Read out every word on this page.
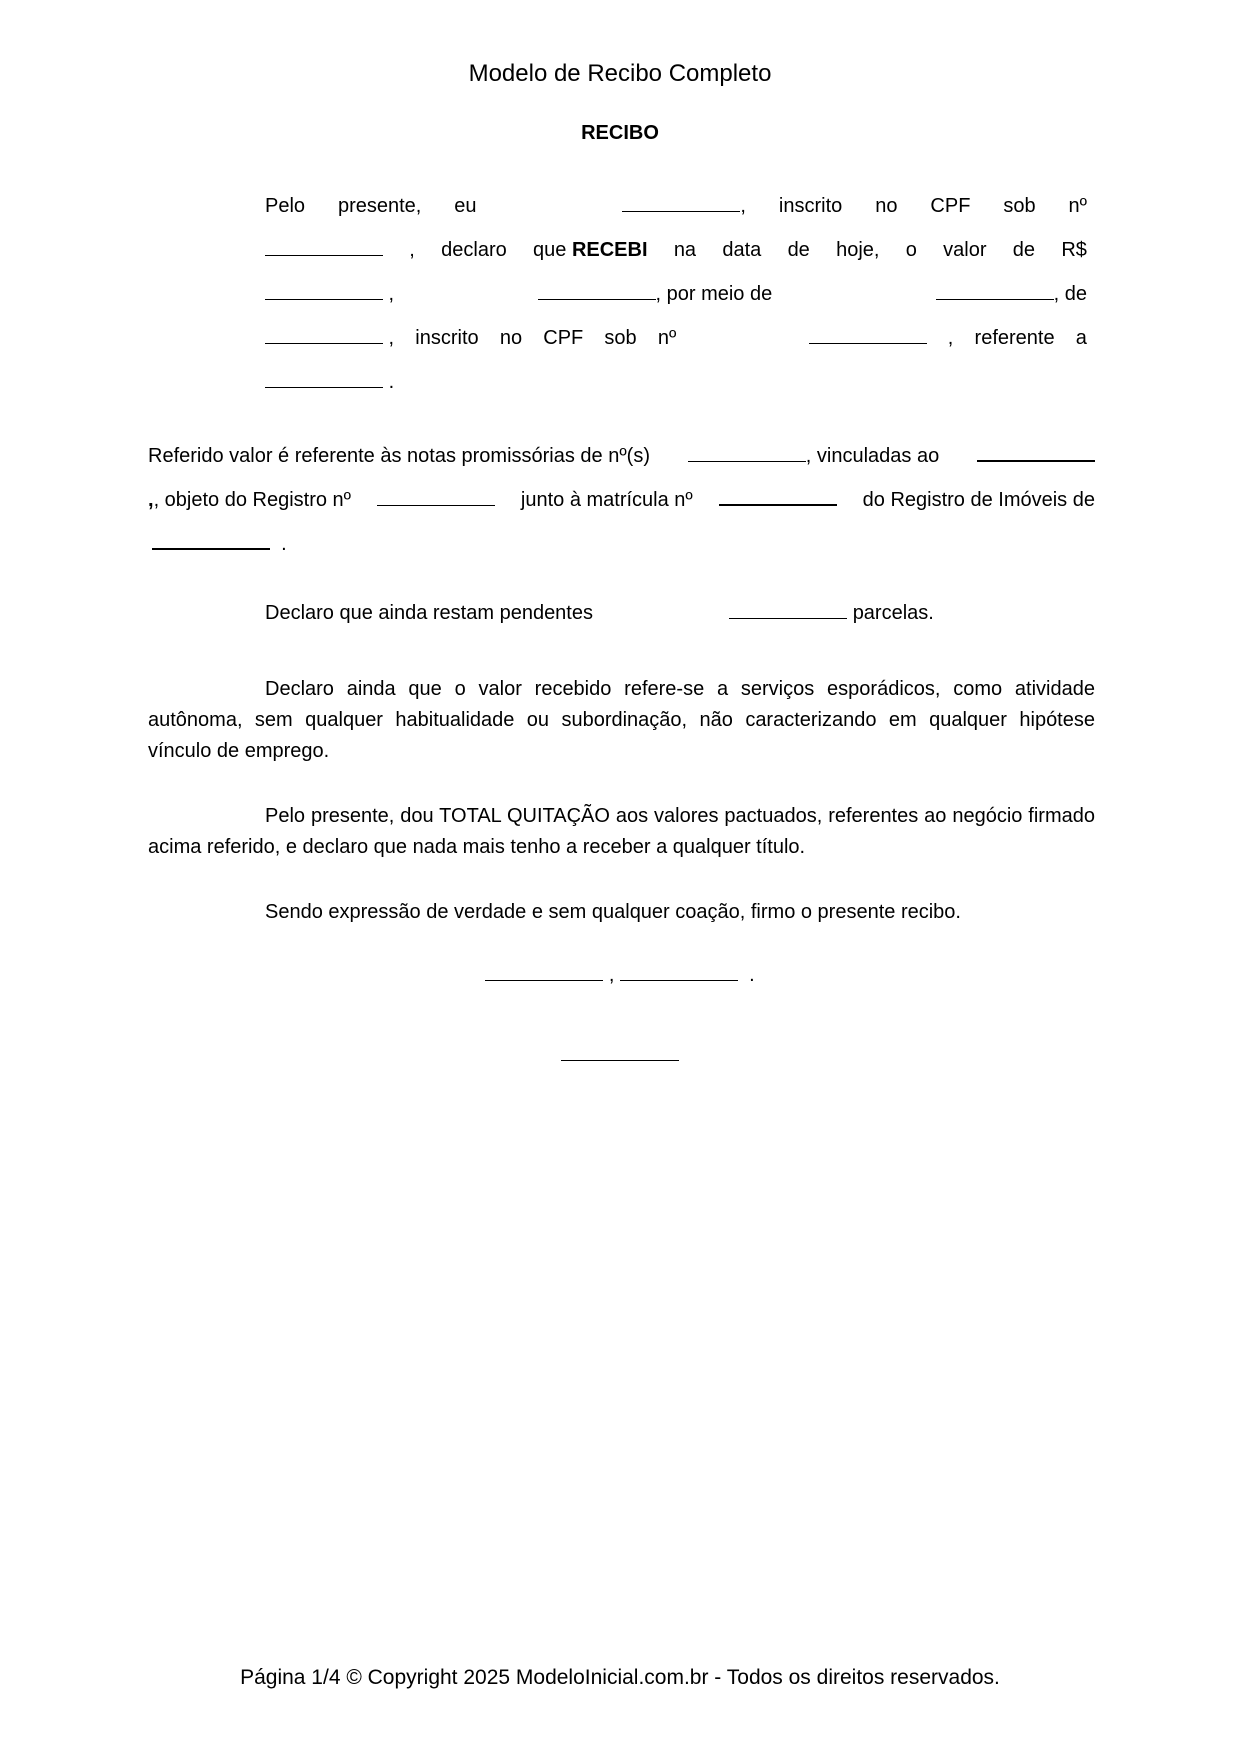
Modelo de Recibo Completo
RECIBO
Pelo presente, eu	, inscrito no CPF sob nº
, declaro que RECEBI na data de hoje, o valor de R$
,	, por meio de	, de
, inscrito no CPF sob nº	, referente a
.
Referido valor é referente às notas promissórias de nº(s)	, vinculadas ao
,, objeto do Registro nº	junto à matrícula nº	do Registro de Imóveis de
.
Declaro que ainda restam pendentes	parcelas.
Declaro ainda que o valor recebido refere-se a serviços esporádicos, como atividade autônoma, sem qualquer habitualidade ou subordinação, não caracterizando em qualquer hipótese vínculo de emprego.
Pelo presente, dou TOTAL QUITAÇÃO aos valores pactuados, referentes ao negócio firmado acima referido, e declaro que nada mais tenho a receber a qualquer título.
Sendo expressão de verdade e sem qualquer coação, firmo o presente recibo.
,	.
Página 1/4 © Copyright 2025 ModeloInicial.com.br - Todos os direitos reservados.
